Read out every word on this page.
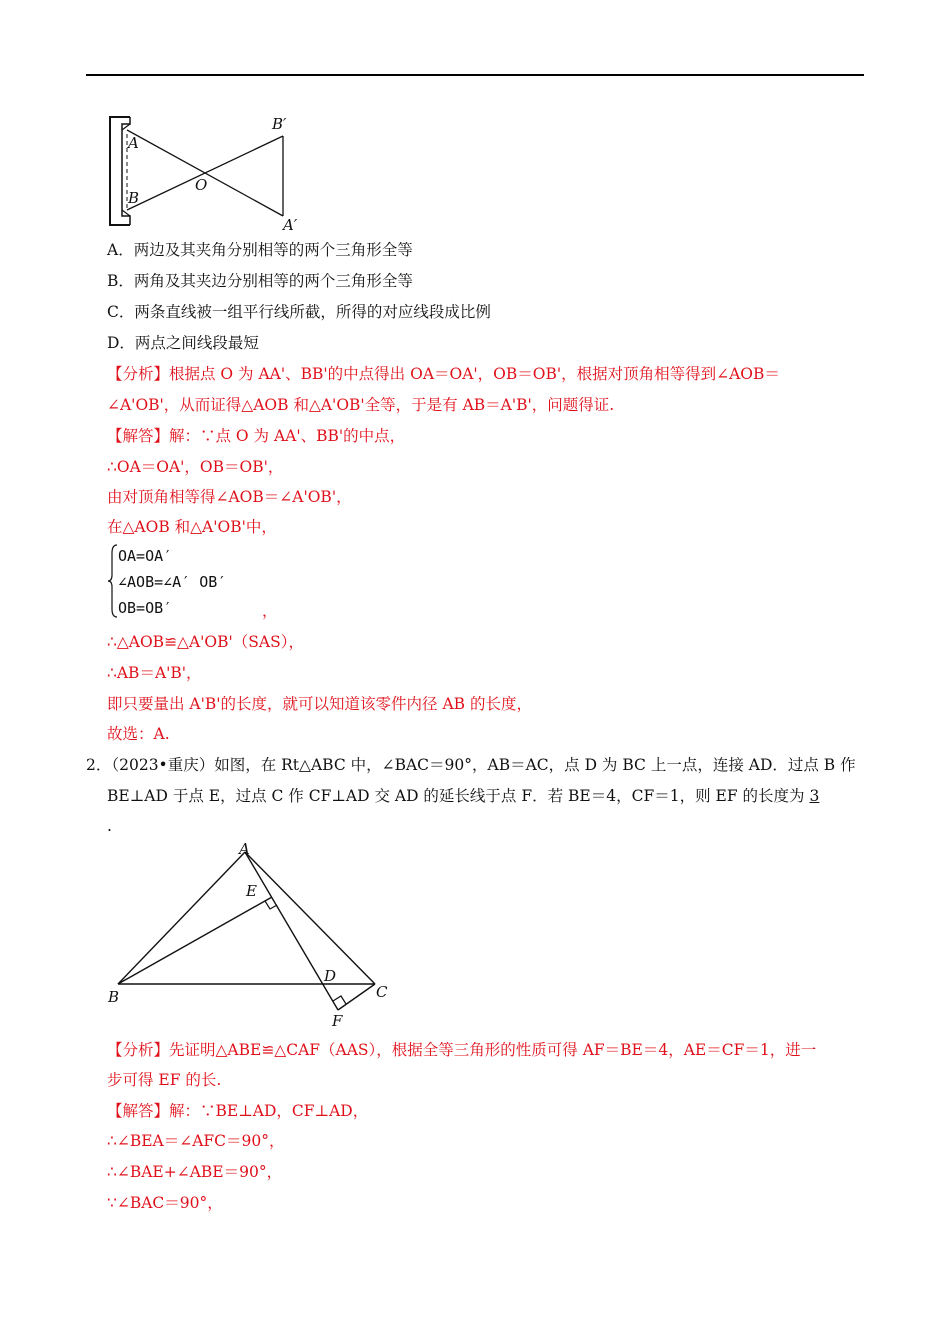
B′
A′
A
B
O
A．两边及其夹角分别相等的两个三角形全等
B．两角及其夹边分别相等的两个三角形全等
C．两条直线被一组平行线所截，所得的对应线段成比例
D．两点之间线段最短
【分析】根据点 O 为 AA'、BB'的中点得出 OA＝OA'，OB＝OB'，根据对顶角相等得到∠AOB＝
∠A'OB'，从而证得△AOB 和△A'OB'全等，于是有 AB＝A'B'，问题得证.
【解答】解：∵点 O 为 AA'、BB'的中点，
∴OA＝OA'，OB＝OB'，
由对顶角相等得∠AOB＝∠A'OB'，
在△AOB 和△A'OB'中，
OA=OA′
∠AOB=∠A′ OB′
OB=OB′	，
∴△AOB≌△A'OB'（SAS），
∴AB＝A'B'，
即只要量出 A'B'的长度，就可以知道该零件内径 AB 的长度，
故选：A.
2．（2023•重庆）如图，在 Rt△ABC 中，∠BAC＝90°，AB＝AC，点 D 为 BC 上一点，连接 AD．过点 B 作
BE⊥AD 于点 E，过点 C 作 CF⊥AD 交 AD 的延长线于点 F．若 BE＝4，CF＝1，则 EF 的长度为 3
.
A
E
D
B	C
F
【分析】先证明△ABE≌△CAF（AAS），根据全等三角形的性质可得 AF＝BE＝4，AE＝CF＝1，进一
步可得 EF 的长.
【解答】解：∵BE⊥AD，CF⊥AD，
∴∠BEA＝∠AFC＝90°，
∴∠BAE+∠ABE＝90°，
∵∠BAC＝90°，
